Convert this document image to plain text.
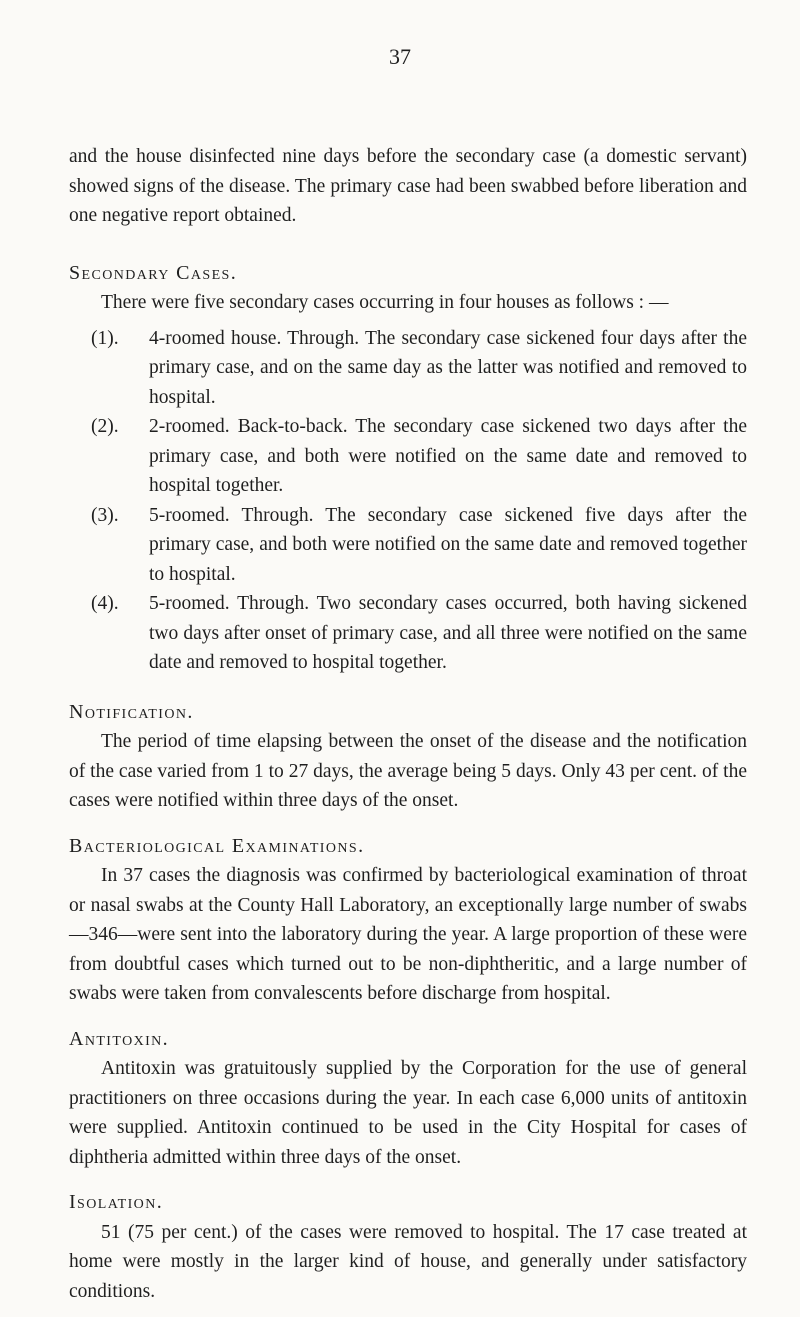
37

and the house disinfected nine days before the secondary case (a domestic servant) showed signs of the disease. The primary case had been swabbed before liberation and one negative report obtained.

Secondary Cases.

There were five secondary cases occurring in four houses as follows : —

(1).	4-roomed house. Through. The secondary case sickened four days after the primary case, and on the same day as the latter was notified and removed to hospital.
(2).	2-roomed. Back-to-back. The secondary case sickened two days after the primary case, and both were notified on the same date and removed to hospital together.
(3).	5-roomed. Through. The secondary case sickened five days after the primary case, and both were notified on the same date and removed together to hospital.
(4).	5-roomed. Through. Two secondary cases occurred, both having sickened two days after onset of primary case, and all three were notified on the same date and removed to hospital together.

Notification.

The period of time elapsing between the onset of the disease and the notification of the case varied from 1 to 27 days, the average being 5 days. Only 43 per cent. of the cases were notified within three days of the onset.

Bacteriological Examinations.

In 37 cases the diagnosis was confirmed by bacteriological examination of throat or nasal swabs at the County Hall Laboratory, an exceptionally large number of swabs—346—were sent into the laboratory during the year. A large proportion of these were from doubtful cases which turned out to be non-diphtheritic, and a large number of swabs were taken from convalescents before discharge from hospital.

Antitoxin.

Antitoxin was gratuitously supplied by the Corporation for the use of general practitioners on three occasions during the year. In each case 6,000 units of antitoxin were supplied. Antitoxin continued to be used in the City Hospital for cases of diphtheria admitted within three days of the onset.

Isolation.

51 (75 per cent.) of the cases were removed to hospital. The 17 case treated at home were mostly in the larger kind of house, and generally under satisfactory conditions.
